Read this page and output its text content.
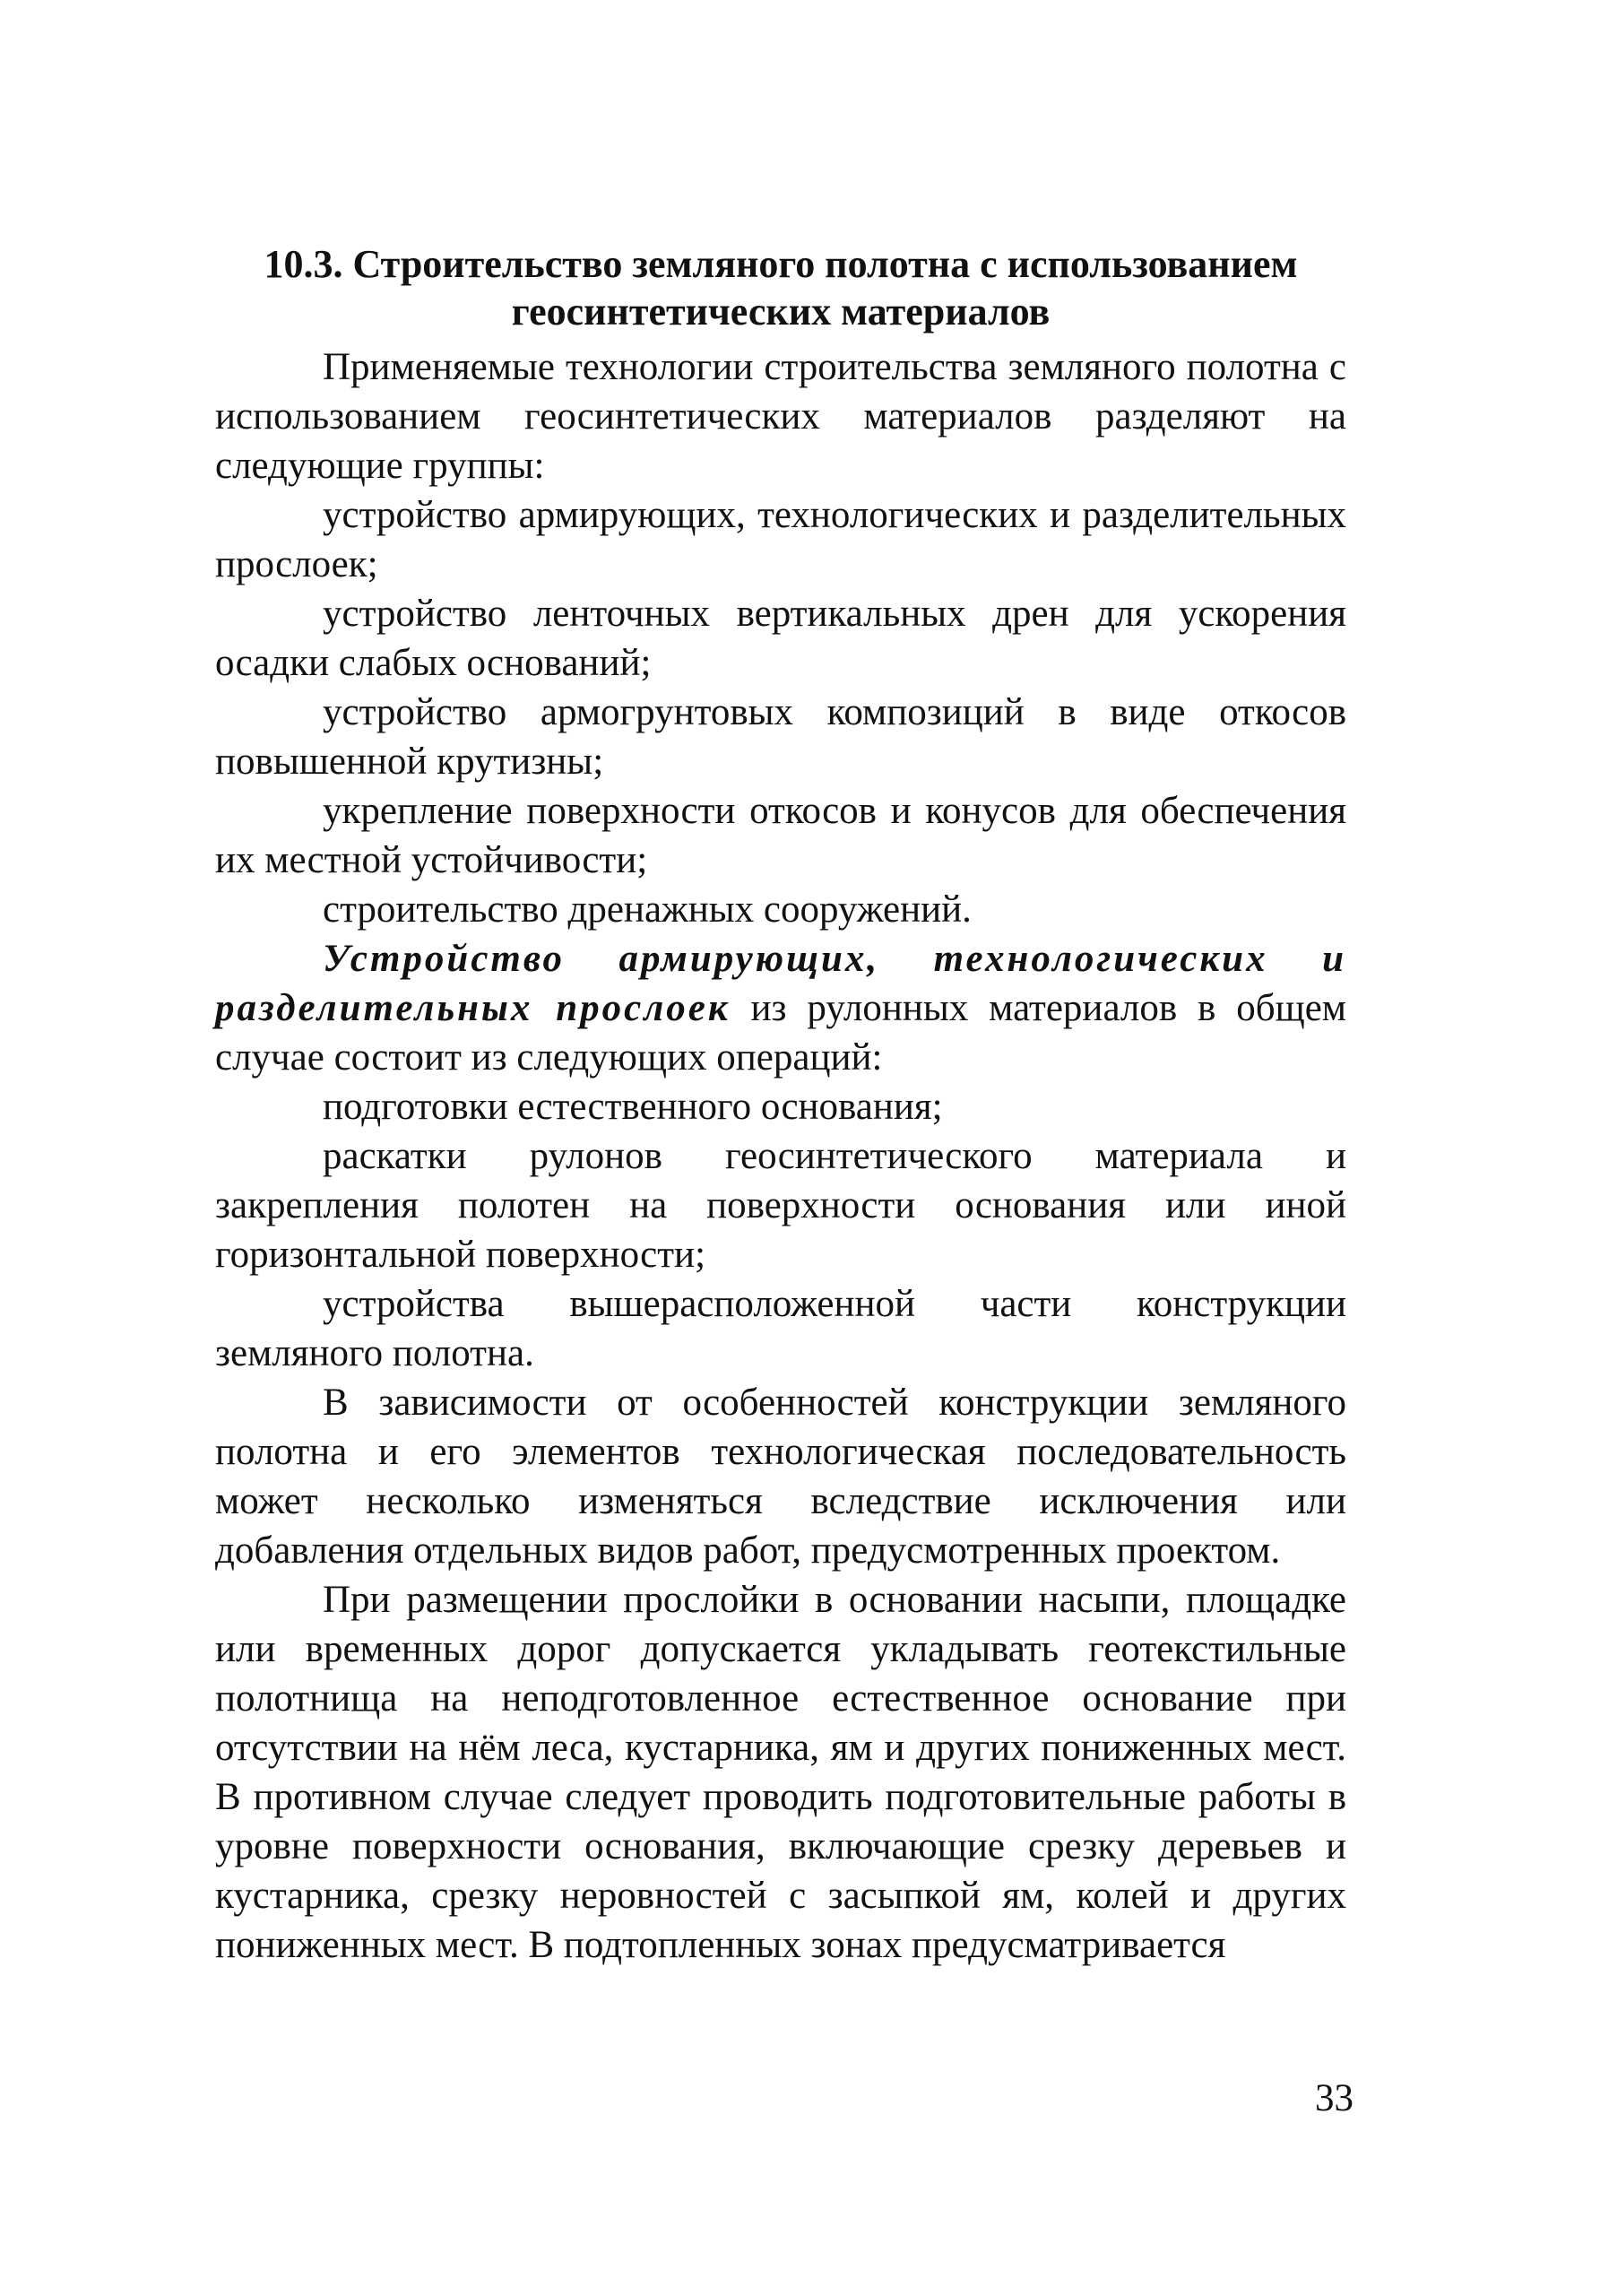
10.3. Строительство земляного полотна с использованием
геосинтетических материалов

Применяемые технологии строительства земляного полотна с использованием геосинтетических материалов разделяют на следующие группы:

устройство армирующих, технологических и разделительных прослоек;

устройство ленточных вертикальных дрен для ускорения осадки слабых оснований;

устройство армогрунтовых композиций в виде откосов повышенной крутизны;

укрепление поверхности откосов и конусов для обеспечения их местной устойчивости;

строительство дренажных сооружений.

Устройство армирующих, технологических и разделительных прослоек из рулонных материалов в общем случае состоит из следующих операций:

подготовки естественного основания;

раскатки рулонов геосинтетического материала и закрепления полотен на поверхности основания или иной горизонтальной поверхности;

устройства вышерасположенной части конструкции земляного полотна.

В зависимости от особенностей конструкции земляного полотна и его элементов технологическая последовательность может несколько изменяться вследствие исключения или добавления отдельных видов работ, предусмотренных проектом.

При размещении прослойки в основании насыпи, площадке или временных дорог допускается укладывать геотекстильные полотнища на неподготовленное естественное основание при отсутствии на нём леса, кустарника, ям и других пониженных мест. В противном случае следует проводить подготовительные работы в уровне поверхности основания, включающие срезку деревьев и кустарника, срезку неровностей с засыпкой ям, колей и других пониженных мест. В подтопленных зонах предусматривается

33
